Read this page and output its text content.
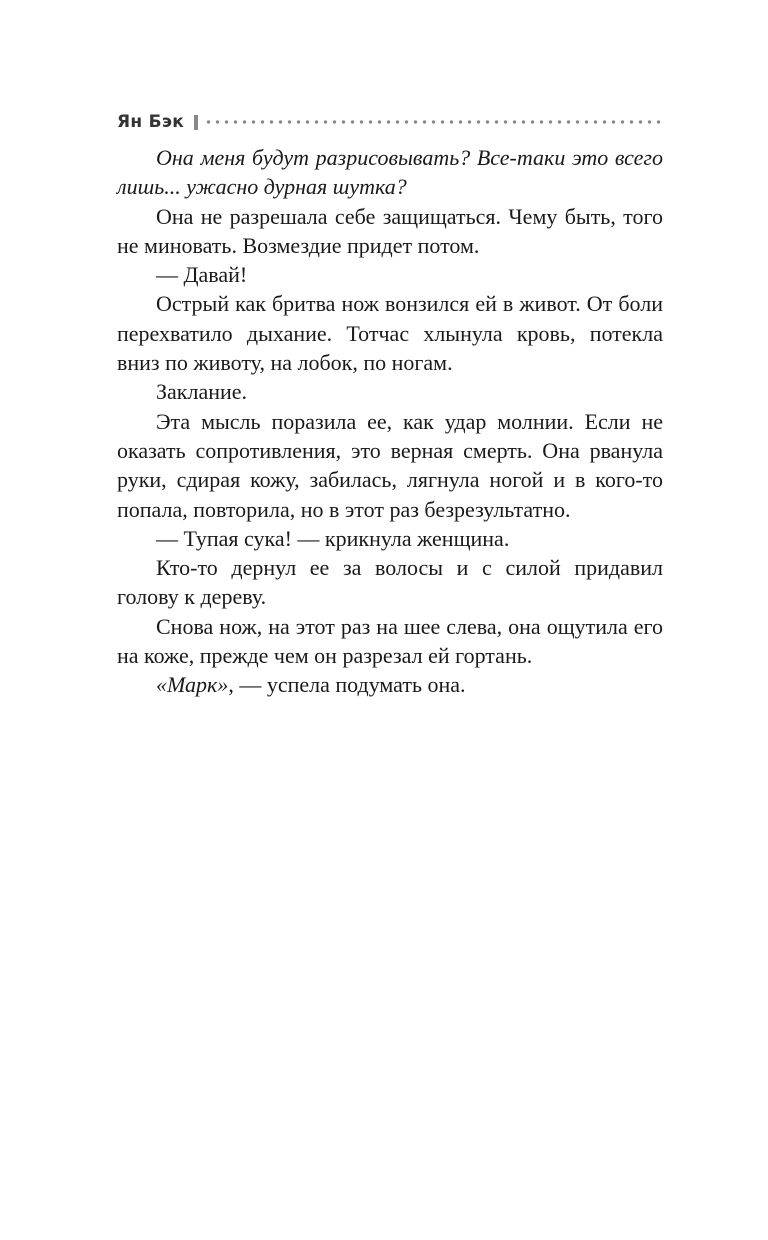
Ян Бэк

Она меня будут разрисовывать? Все-таки это всего лишь... ужасно дурная шутка?

Она не разрешала себе защищаться. Чему быть, того не миновать. Возмездие придет потом.

— Давай!

Острый как бритва нож вонзился ей в живот. От боли перехватило дыхание. Тотчас хлынула кровь, потекла вниз по животу, на лобок, по ногам.

Заклание.

Эта мысль поразила ее, как удар молнии. Если не оказать сопротивления, это верная смерть. Она рванула руки, сдирая кожу, забилась, лягнула ногой и в кого-то попала, повторила, но в этот раз безрезультатно.

— Тупая сука! — крикнула женщина.

Кто-то дернул ее за волосы и с силой придавил голову к дереву.

Снова нож, на этот раз на шее слева, она ощутила его на коже, прежде чем он разрезал ей гортань.

«Марк», — успела подумать она.
